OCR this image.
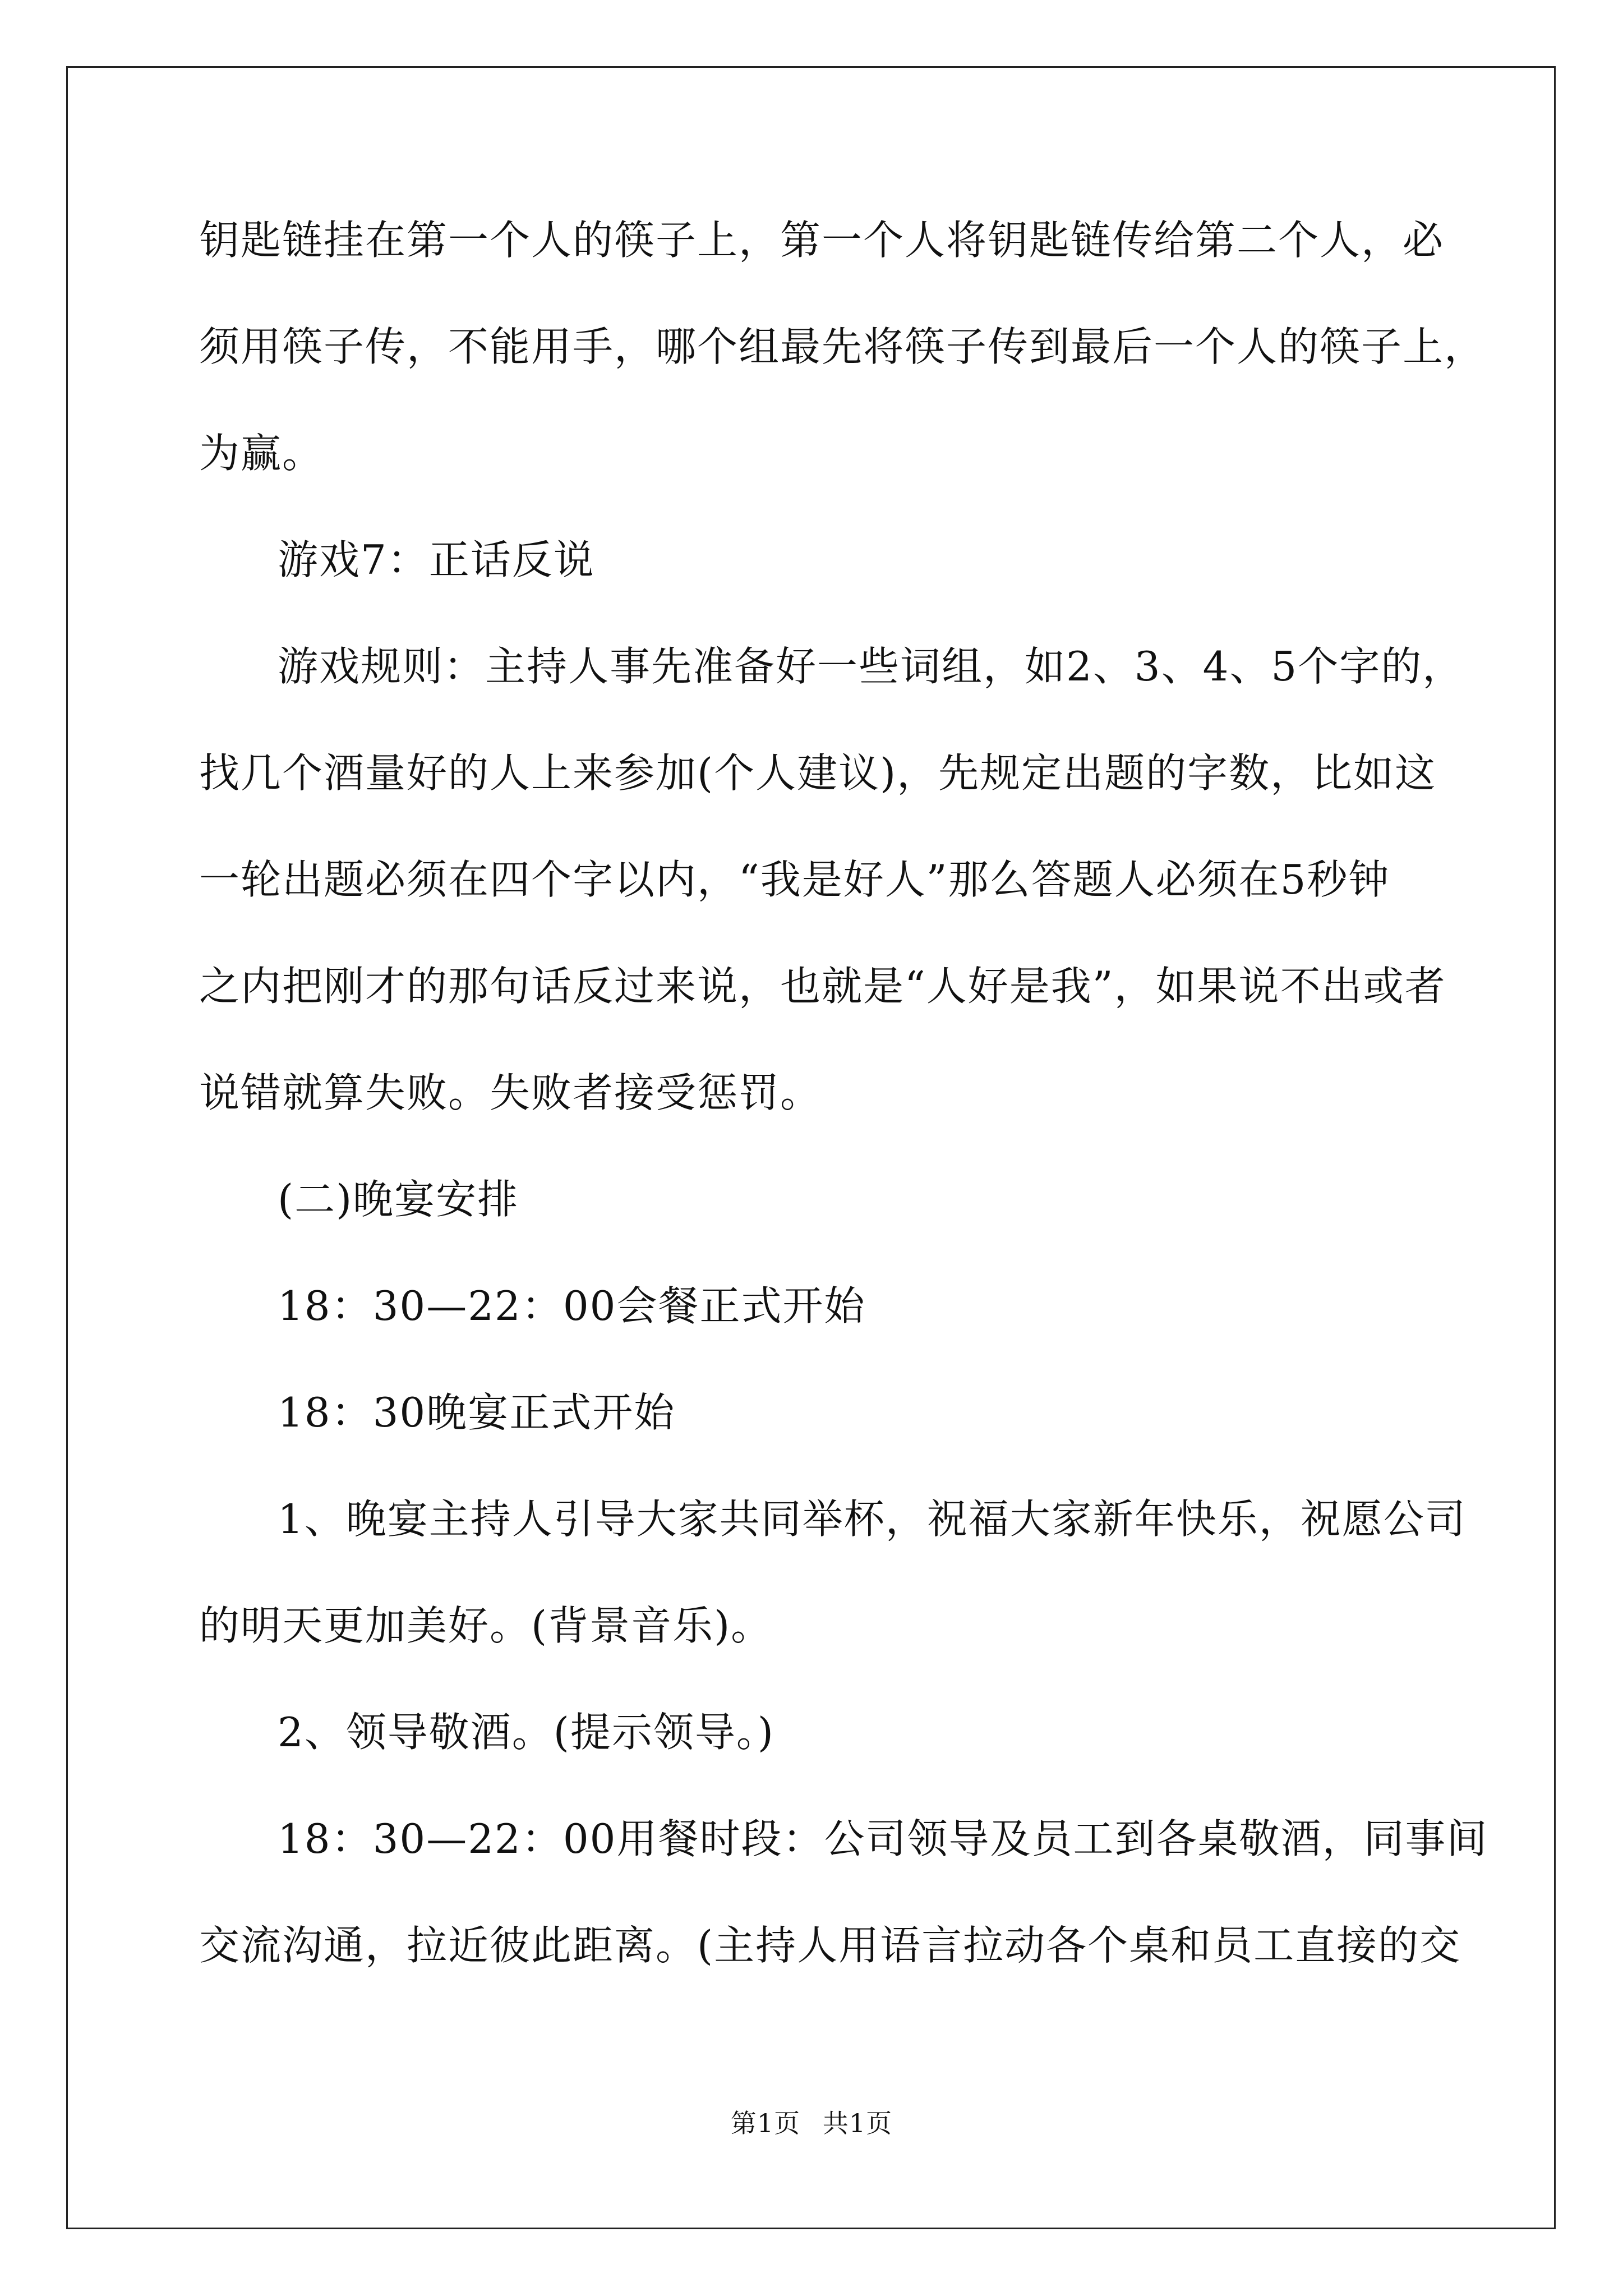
钥匙链挂在第一个人的筷子上，第一个人将钥匙链传给第二个人，必
须用筷子传，不能用手，哪个组最先将筷子传到最后一个人的筷子上，
为赢。
游戏7：正话反说
游戏规则：主持人事先准备好一些词组，如2、3、4、5个字的，
找几个酒量好的人上来参加(个人建议)，先规定出题的字数，比如这
一轮出题必须在四个字以内，“我是好人”那么答题人必须在5秒钟
之内把刚才的那句话反过来说，也就是“人好是我”，如果说不出或者
说错就算失败。失败者接受惩罚。
(二)晚宴安排
18：30—22：00会餐正式开始
18：30晚宴正式开始
1、晚宴主持人引导大家共同举杯，祝福大家新年快乐，祝愿公司
的明天更加美好。(背景音乐)。
2、领导敬酒。(提示领导。)
18：30—22：00用餐时段：公司领导及员工到各桌敬酒，同事间
交流沟通，拉近彼此距离。(主持人用语言拉动各个桌和员工直接的交
第1页 共1页
